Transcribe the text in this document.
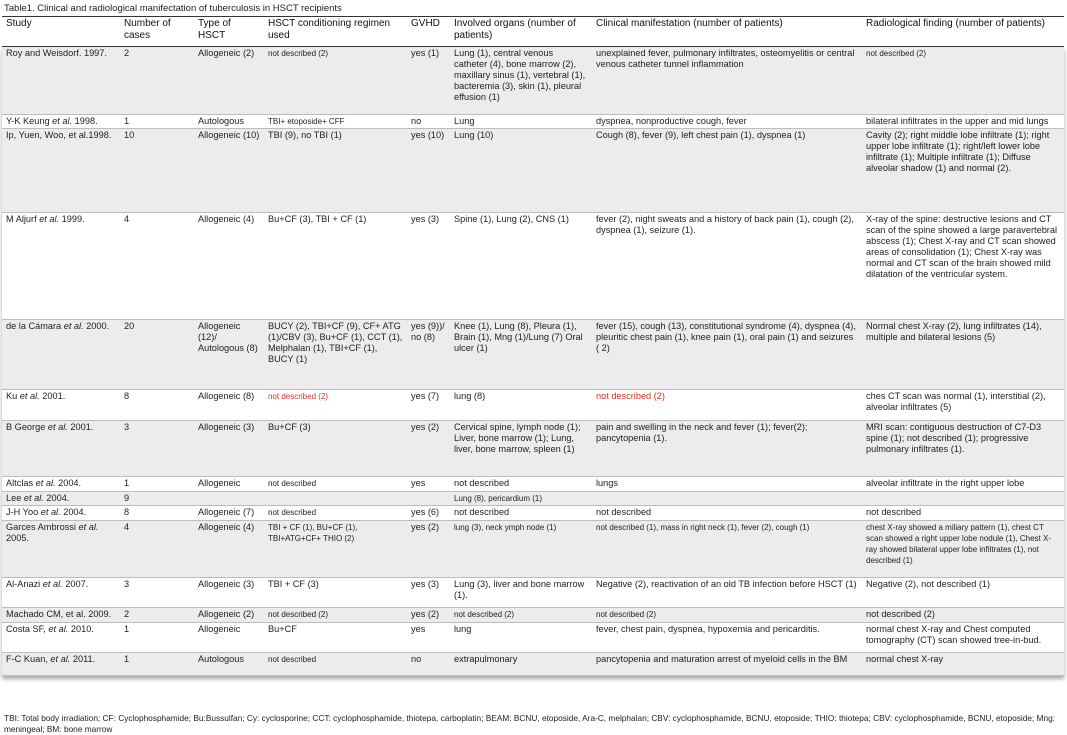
Table1. Clinical and radiological manifectation of tuberculosis in HSCT recipients
Study	Number of cases	Type of HSCT	HSCT conditioning regimen used	GVHD	Involved organs (number of patients)	Clinical manifestation (number of patients)	Radiological finding (number of patients)
Roy and Weisdorf. 1997.	2	Allogeneic (2)	not described (2)	yes (1)	Lung (1), central venous catheter (4), bone marrow (2), maxillary sinus (1), vertebral (1), bacteremia (3), skin (1), pleural effusion (1)	unexplained fever, pulmonary infiltrates, osteomyelitis or central venous catheter tunnel inflammation	not described (2)
Y-K Keung et al. 1998.	1	Autologous	TBI+ etoposide+ CFF	no	Lung	dyspnea, nonproductive cough, fever	bilateral infiltrates in the upper and mid lungs
Ip, Yuen, Woo, et al.1998.	10	Allogeneic (10)	TBI (9), no TBI (1)	yes (10)	Lung (10)	Cough (8), fever (9), left chest pain (1), dyspnea (1)	Cavity (2); right middle lobe infiltrate (1); right upper lobe infiltrate (1); right/left lower lobe infiltrate (1); Multiple infiltrate (1); Diffuse alveolar shadow (1) and normal (2).
M Aljurf et al. 1999.	4	Allogeneic (4)	Bu+CF (3), TBI + CF (1)	yes (3)	Spine (1), Lung (2), CNS (1)	fever (2), night sweats and a history of back pain (1), cough (2), dyspnea (1), seizure (1).	X-ray of the spine: destructive lesions and CT scan of the spine showed a large paravertebral abscess (1); Chest X-ray and CT scan showed areas of consolidation (1); Chest X-ray was normal and CT scan of the brain showed mild dilatation of the ventricular system.
de la Cámara et al. 2000.	20	Allogeneic (12)/ Autologous (8)	BUCY (2), TBI+CF (9), CF+ ATG (1)/CBV (3), Bu+CF (1), CCT (1), Melphalan (1), TBI+CF (1), BUCY (1)	yes (9))/ no (8)	Knee (1), Lung (8), Pleura (1), Brain (1), Mng (1)/Lung (7) Oral ulcer (1)	fever (15), cough (13), constitutional syndrome (4), dyspnea (4), pleuritic chest pain (1), knee pain (1), oral pain (1) and seizures ( 2)	Normal chest X-ray (2), lung infiltrates (14), multiple and bilateral lesions (5)
Ku et al. 2001.	8	Allogeneic (8)	not described (2)	yes (7)	lung (8)	not described (2)	ches CT scan was normal (1), interstitial (2), alveolar infiltrates (5)
B George et al. 2001.	3	Allogeneic (3)	Bu+CF (3)	yes (2)	Cervical spine, lymph node (1); Liver, bone marrow (1); Lung, liver, bone marrow, spleen (1)	pain and swelling in the neck and fever (1); fever(2); pancytopenia (1).	MRI scan: contiguous destruction of C7-D3 spine (1); not described (1); progressive pulmonary infiltrates (1).
Altclas et al. 2004.	1	Allogeneic	not described	yes	not described	lungs	alveolar infiltrate in the right upper lobe
Lee et al. 2004.	9				Lung (8), pericardium (1)		
J-H Yoo et al. 2004.	8	Allogeneic (7)	not described	yes (6)	not described	not described	not described
Garces Ambrossi et al. 2005.	4	Allogeneic (4)	TBI + CF (1), BU+CF (1), TBI+ATG+CF+ THIO (2)	yes (2)	lung (3), neck ymph node (1)	not described (1), mass in right neck (1), fever (2), cough (1)	chest X-ray showed a miliary pattern (1), chest CT scan showed a right upper lobe nodule (1), Chest X-ray showed bilateral upper lobe infiltrates (1), not described (1)
Al-Anazi et al. 2007.	3	Allogeneic (3)	TBI + CF (3)	yes (3)	Lung (3), liver and bone marrow (1).	Negative (2), reactivation of an old TB infection before HSCT (1)	Negative (2), not described (1)
Machado CM, et al. 2009.	2	Allogeneic (2)	not described (2)	yes (2)	not described (2)	not described (2)	not described (2)
Costa SF, et al. 2010.	1	Allogeneic	Bu+CF	yes	lung	fever, chest pain, dyspnea, hypoxemia and pericarditis.	normal chest X-ray and Chest computed tomography (CT) scan showed tree-in-bud.
F-C Kuan, et al. 2011.	1	Autologous	not described	no	extrapulmonary	pancytopenia and maturation arrest of myeloid cells in the BM	normal chest X-ray
TBI: Total body irradiation; CF: Cyclophosphamide; Bu:Bussulfan; Cy: cyclosporine; CCT: cyclophosphamide, thiotepa, carboplatin; BEAM: BCNU, etoposide, Ara-C, melphalan; CBV: cyclophosphamide, BCNU, etoposide; THIO: thiotepa; CBV: cyclophosphamide, BCNU, etoposide; Mng: meningeal; BM: bone marrow
